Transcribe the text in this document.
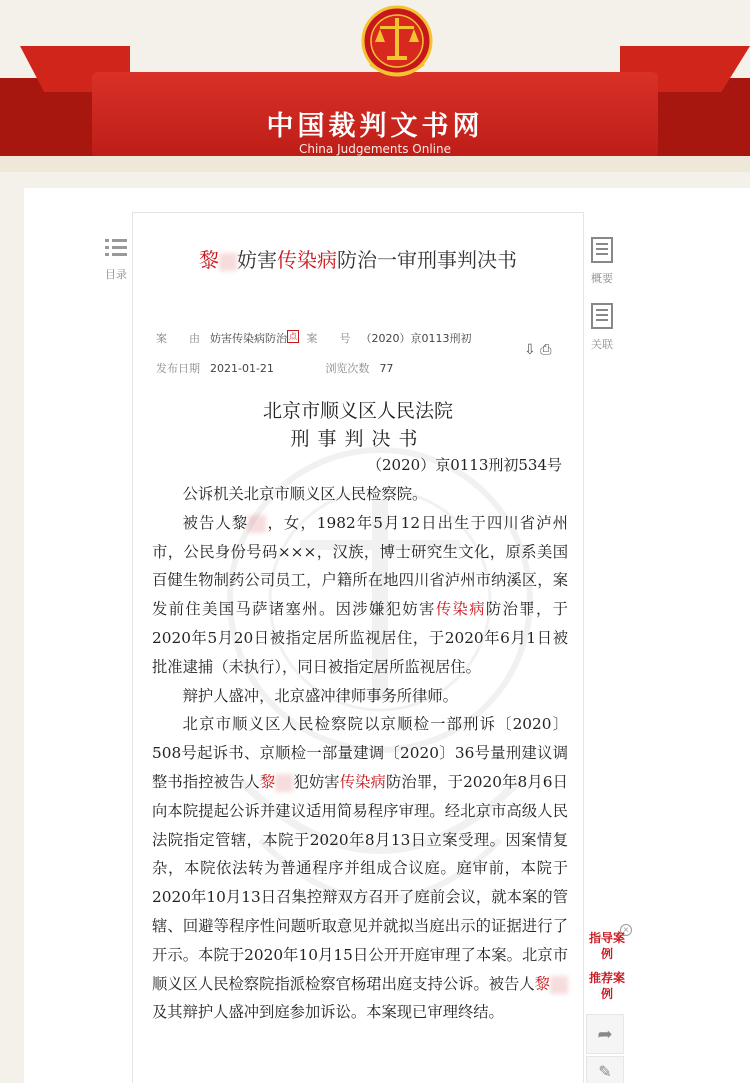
中国裁判文书网
China Judgements Online
目录	概要
关联
黎 妨害传染病防治一审刑事判决书
案　　由 妨害传染病防治 点 案　　号 （2020）京0113刑初
发布日期 2021-01-21	浏览次数 77
⇩ ⎙
北京市顺义区人民法院
刑事判决书
（2020）京0113刑初534号

公诉机关北京市顺义区人民检察院。

被告人黎 ，女，1982年5月12日出生于四川省泸州市，公民身份号码×××，汉族，博士研究生文化，原系美国百健生物制药公司员工，户籍所在地四川省泸州市纳溪区，案发前住美国马萨诸塞州。因涉嫌犯妨害传染病防治罪，于2020年5月20日被指定居所监视居住，于2020年6月1日被批准逮捕（未执行），同日被指定居所监视居住。

辩护人盛冲，北京盛冲律师事务所律师。

北京市顺义区人民检察院以京顺检一部刑诉〔2020〕508号起诉书、京顺检一部量建调〔2020〕36号量刑建议调整书指控被告人黎 犯妨害传染病防治罪，于2020年8月6日向本院提起公诉并建议适用简易程序审理。经北京市高级人民法院指定管辖，本院于2020年8月13日立案受理。因案情复杂，本院依法转为普通程序并组成合议庭。庭审前，本院于2020年10月13日召集控辩双方召开了庭前会议，就本案的管辖、回避等程序性问题听取意见并就拟当庭出示的证据进行了开示。本院于2020年10月15日公开开庭审理了本案。北京市顺义区人民检察院指派检察官杨珺出庭支持公诉。被告人黎及其辩护人盛冲到庭参加诉讼。本案现已审理终结。

×
指导案例
推荐案例
➦
✎
